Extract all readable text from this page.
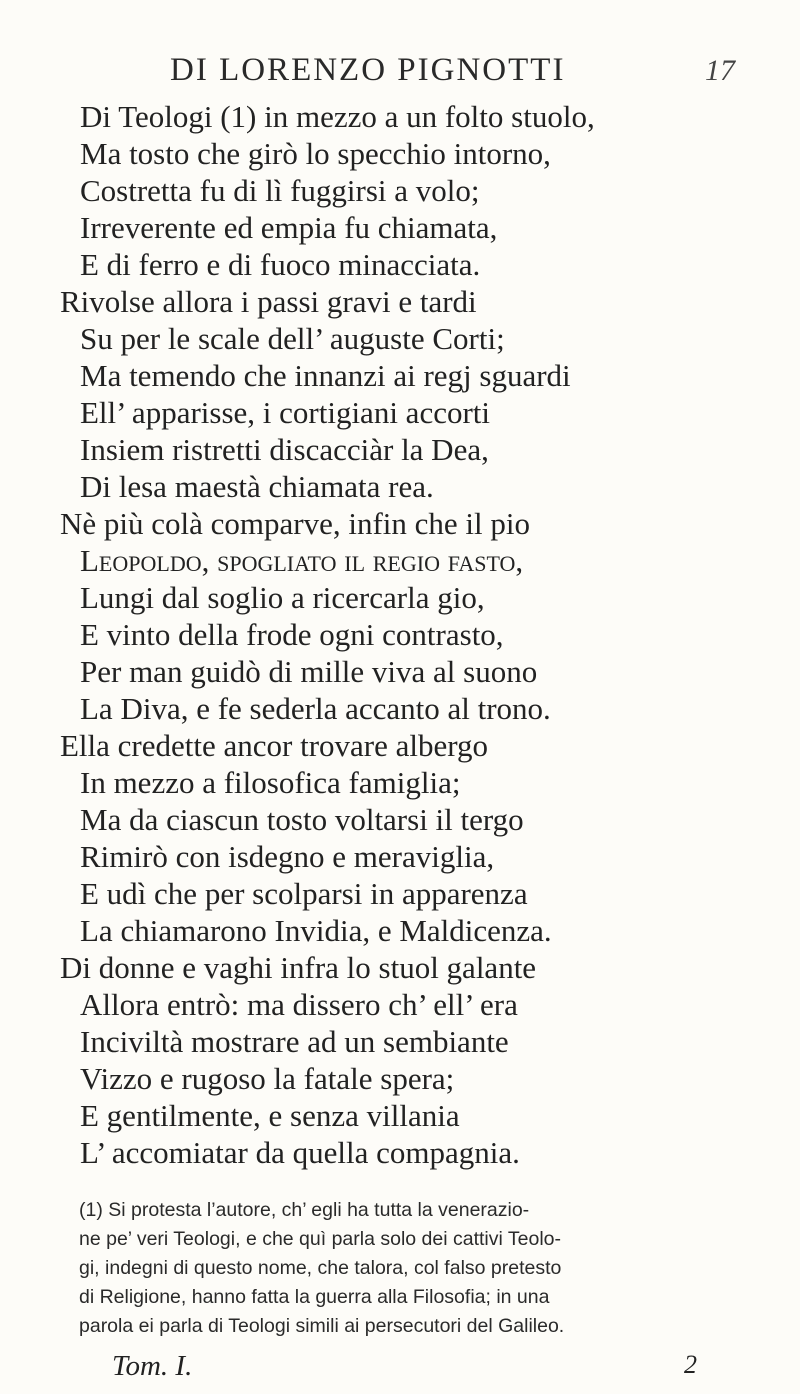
DI LORENZO PIGNOTTI	17
Di Teologi (1) in mezzo a un folto stuolo,
Ma tosto che girò lo specchio intorno,
Costretta fu di lì fuggirsi a volo;
Irreverente ed empia fu chiamata,
E di ferro e di fuoco minacciata.
Rivolse allora i passi gravi e tardi
Su per le scale dell’ auguste Corti;
Ma temendo che innanzi ai regj sguardi
Ell’ apparisse, i cortigiani accorti
Insiem ristretti discacciàr la Dea,
Di lesa maestà chiamata rea.
Nè più colà comparve, infin che il pio
Leopoldo, spogliato il regio fasto,
Lungi dal soglio a ricercarla gio,
E vinto della frode ogni contrasto,
Per man guidò di mille viva al suono
La Diva, e fe sederla accanto al trono.
Ella credette ancor trovare albergo
In mezzo a filosofica famiglia;
Ma da ciascun tosto voltarsi il tergo
Rimirò con isdegno e meraviglia,
E udì che per scolparsi in apparenza
La chiamarono Invidia, e Maldicenza.
Di donne e vaghi infra lo stuol galante
Allora entrò: ma dissero ch’ ell’ era
Inciviltà mostrare ad un sembiante
Vizzo e rugoso la fatale spera;
E gentilmente, e senza villania
L’ accomiatar da quella compagnia.
(1) Si protesta l’autore, ch’ egli ha tutta la venerazio-
ne pe’ veri Teologi, e che quì parla solo dei cattivi Teolo-
gi, indegni di questo nome, che talora, col falso pretesto
di Religione, hanno fatta la guerra alla Filosofia; in una
parola ei parla di Teologi simili ai persecutori del Galileo.
Tom. I.	2
